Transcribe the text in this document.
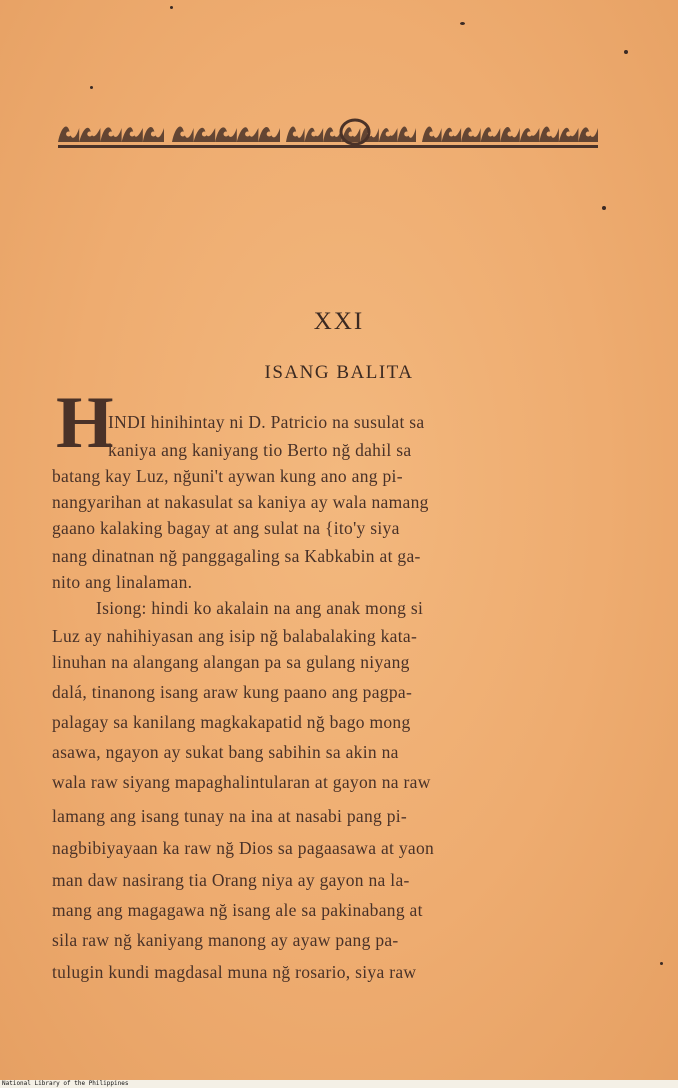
XXI
ISANG BALITA
H
INDI hinihintay ni D. Patricio na susulat sa
kaniya ang kaniyang tio Berto nğ dahil sa
batang kay Luz, nğuni't aywan kung ano ang pi-
nangyarihan at nakasulat sa kaniya ay wala namang
gaano kalaking bagay at ang sulat na {ito'y siya
nang dinatnan nğ panggagaling sa Kabkabin at ga-
nito ang linalaman.
Isiong: hindi ko akalain na ang anak mong si
Luz ay nahihiyasan ang isip nğ balabalaking kata-
linuhan na alangang alangan pa sa gulang niyang
dalá, tinanong isang araw kung paano ang pagpa-
palagay sa kanilang magkakapatid nğ bago mong
asawa, ngayon ay sukat bang sabihin sa akin na
wala raw siyang mapaghalintularan at gayon na raw
lamang ang isang tunay na ina at nasabi pang pi-
nagbibiyayaan ka raw nğ Dios sa pagaasawa at yaon
man daw nasirang tia Orang niya ay gayon na la-
mang ang magagawa nğ isang ale sa pakinabang at
sila raw nğ kaniyang manong ay ayaw pang pa-
tulugin kundi magdasal muna nğ rosario, siya raw
National Library of the Philippines
